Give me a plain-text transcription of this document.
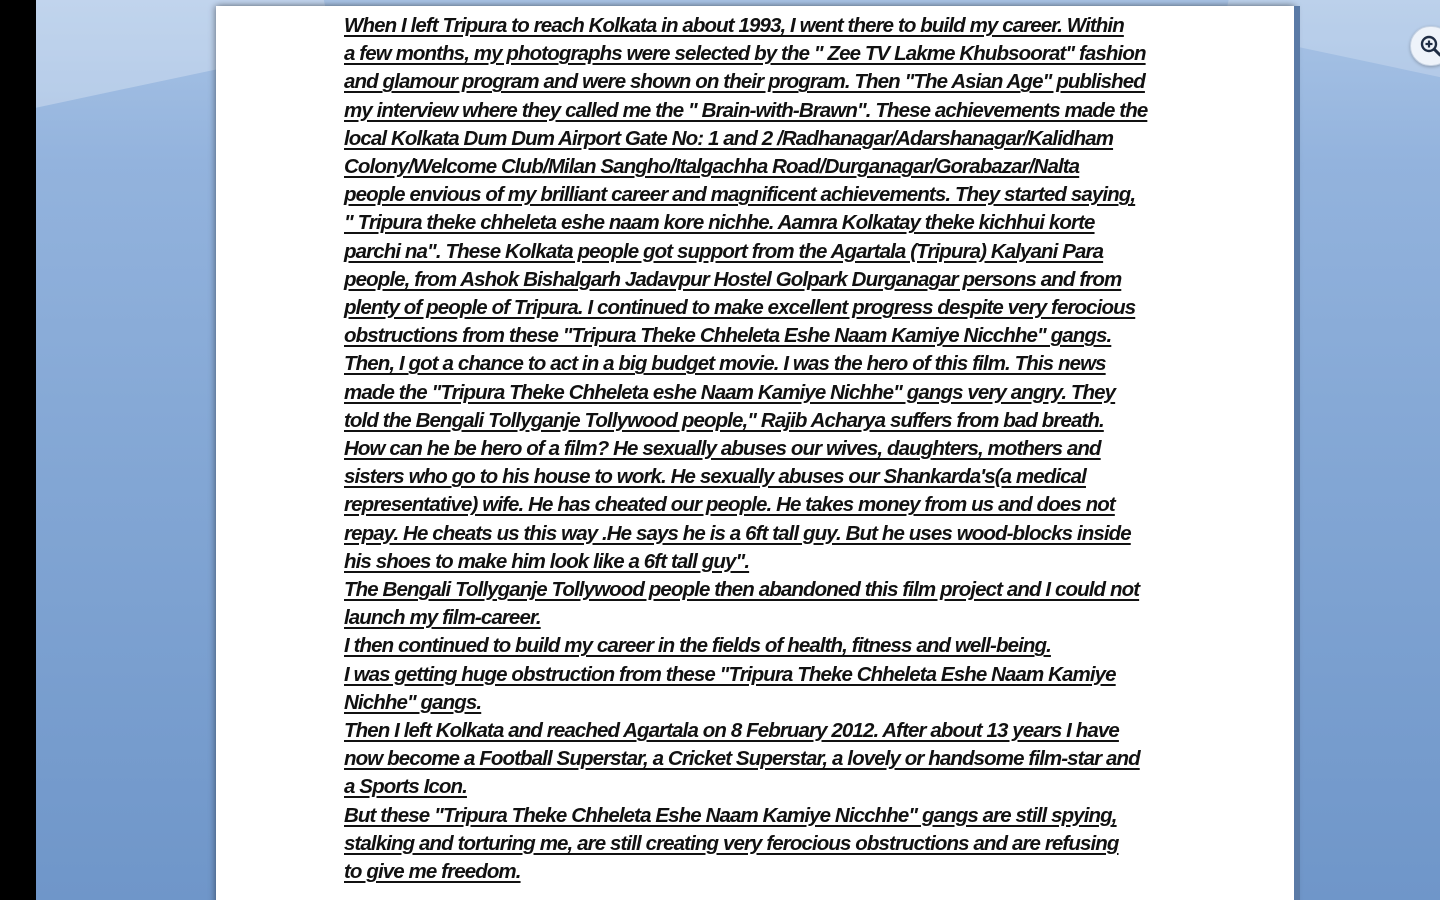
When I left Tripura to reach Kolkata in about 1993, I went there to build my career. Within
a few months, my photographs were selected by the " Zee TV Lakme Khubsoorat" fashion
and glamour program and were shown on their program. Then "The Asian Age" published
my interview where they called me the " Brain-with-Brawn". These achievements made the
local Kolkata Dum Dum Airport Gate No: 1 and 2 /Radhanagar/Adarshanagar/Kalidham
Colony/Welcome Club/Milan Sangho/Italgachha Road/Durganagar/Gorabazar/Nalta
people envious of my brilliant career and magnificent achievements. They started saying,
" Tripura theke chheleta eshe naam kore nichhe. Aamra Kolkatay theke kichhui korte
parchi na". These Kolkata people got support from the Agartala (Tripura) Kalyani Para
people, from Ashok Bishalgarh Jadavpur Hostel Golpark Durganagar persons and from
plenty of people of Tripura. I continued to make excellent progress despite very ferocious
obstructions from these "Tripura Theke Chheleta Eshe Naam Kamiye Nicchhe" gangs.
Then, I got a chance to act in a big budget movie. I was the hero of this film. This news
made the "Tripura Theke Chheleta eshe Naam Kamiye Nichhe" gangs very angry. They
told the Bengali Tollyganje Tollywood people," Rajib Acharya suffers from bad breath.
How can he be hero of a film? He sexually abuses our wives, daughters, mothers and
sisters who go to his house to work. He sexually abuses our Shankarda's(a medical
representative) wife. He has cheated our people. He takes money from us and does not
repay. He cheats us this way .He says he is a 6ft tall guy. But he uses wood-blocks inside
his shoes to make him look like a 6ft tall guy".
The Bengali Tollyganje Tollywood people then abandoned this film project and I could not
launch my film-career.
I then continued to build my career in the fields of health, fitness and well-being.
I was getting huge obstruction from these "Tripura Theke Chheleta Eshe Naam Kamiye
Nichhe" gangs.
Then I left Kolkata and reached Agartala on 8 February 2012. After about 13 years I have
now become a Football Superstar, a Cricket Superstar, a lovely or handsome film-star and
a Sports Icon.
But these "Tripura Theke Chheleta Eshe Naam Kamiye Nicchhe" gangs are still spying,
stalking and torturing me, are still creating very ferocious obstructions and are refusing
to give me freedom.
